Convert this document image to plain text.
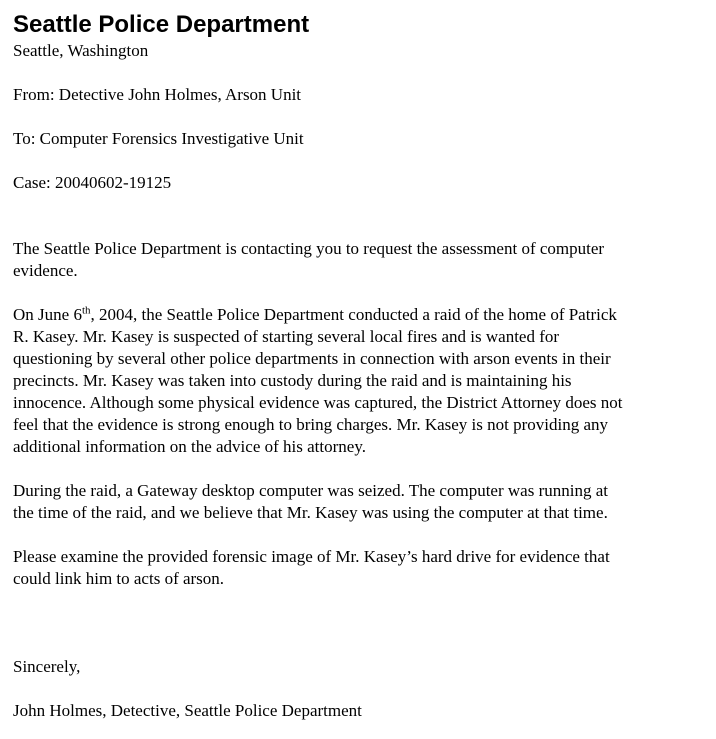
Seattle Police Department

Seattle, Washington

From: Detective John Holmes, Arson Unit

To: Computer Forensics Investigative Unit

Case: 20040602-19125

The Seattle Police Department is contacting you to request the assessment of computer

evidence.

On June 6th, 2004, the Seattle Police Department conducted a raid of the home of Patrick

R. Kasey. Mr. Kasey is suspected of starting several local fires and is wanted for

questioning by several other police departments in connection with arson events in their

precincts. Mr. Kasey was taken into custody during the raid and is maintaining his

innocence. Although some physical evidence was captured, the District Attorney does not

feel that the evidence is strong enough to bring charges. Mr. Kasey is not providing any

additional information on the advice of his attorney.

During the raid, a Gateway desktop computer was seized. The computer was running at

the time of the raid, and we believe that Mr. Kasey was using the computer at that time.

Please examine the provided forensic image of Mr. Kasey’s hard drive for evidence that

could link him to acts of arson.

Sincerely,

John Holmes, Detective, Seattle Police Department
